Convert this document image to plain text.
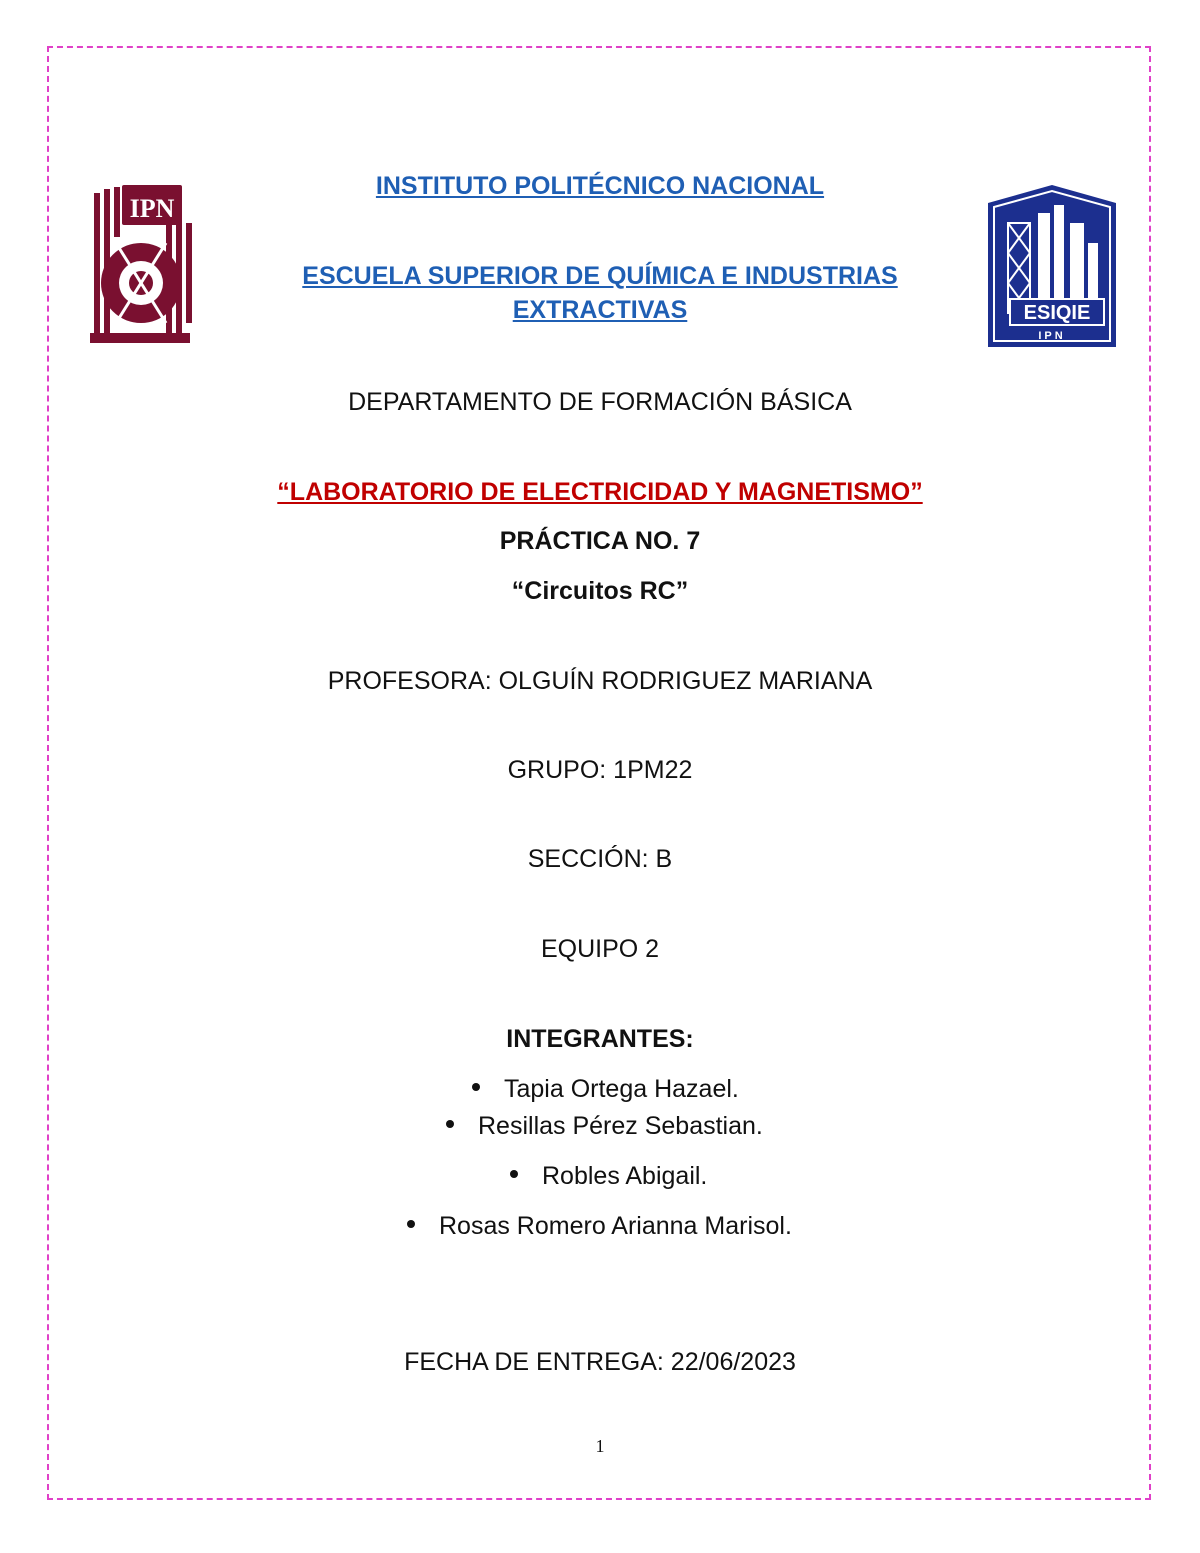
IPN
ESIQIE
IPN
INSTITUTO POLITÉCNICO NACIONAL
ESCUELA SUPERIOR DE QUÍMICA E INDUSTRIAS
EXTRACTIVAS
DEPARTAMENTO DE FORMACIÓN BÁSICA
“LABORATORIO DE ELECTRICIDAD Y MAGNETISMO”
PRÁCTICA NO. 7
“Circuitos RC”
PROFESORA: OLGUÍN RODRIGUEZ MARIANA
GRUPO: 1PM22
SECCIÓN: B
EQUIPO 2
INTEGRANTES:
Tapia Ortega Hazael.
Resillas Pérez Sebastian.
Robles Abigail.
Rosas Romero Arianna Marisol.
FECHA DE ENTREGA: 22/06/2023
1
